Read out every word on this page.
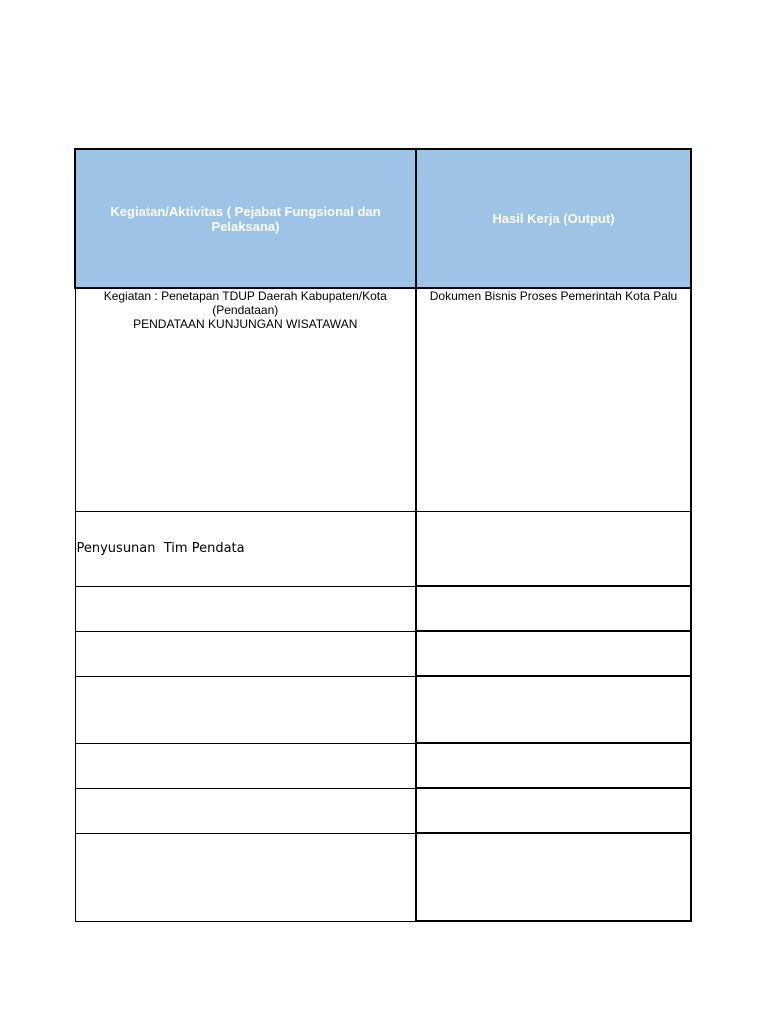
Kegiatan/Aktivitas ( Pejabat Fungsional dan Pelaksana)	Hasil Kerja (Output)

Kegiatan : Penetapan TDUP Daerah Kabupaten/Kota
(Pendataan)
PENDATAAN KUNJUNGAN WISATAWAN	Dokumen Bisnis Proses Pemerintah Kota Palu
Penyusunan  Tim Pendata	
